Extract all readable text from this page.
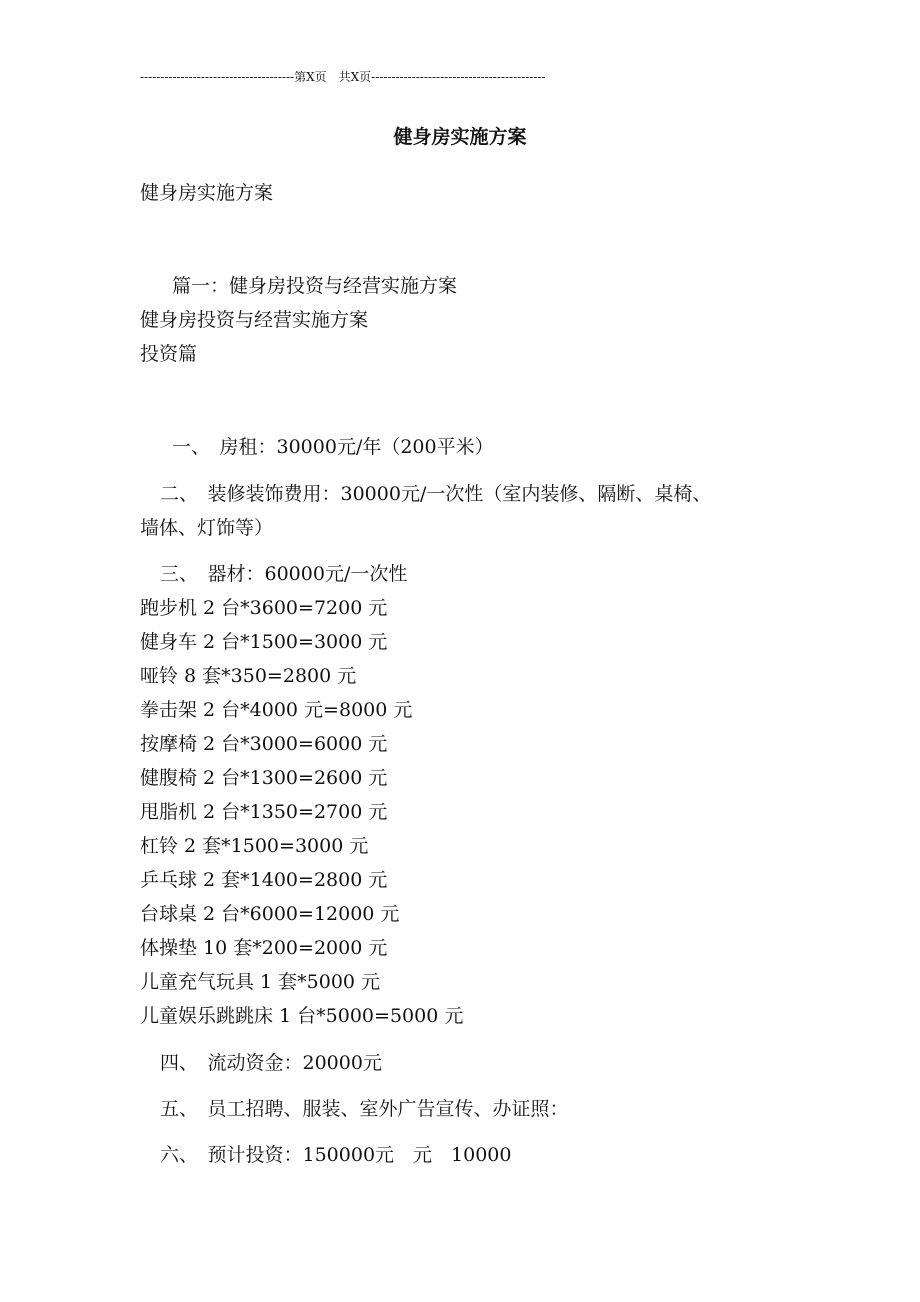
--------------------------------------第X页　共X页-------------------------------------------
健身房实施方案
健身房实施方案
篇一：健身房投资与经营实施方案
健身房投资与经营实施方案
投资篇
一、　房租：30000元/年（200平米）
二、　装修装饰费用：30000元/一次性（室内装修、隔断、桌椅、
墙体、灯饰等）
三、　器材：60000元/一次性
跑步机 2 台*3600=7200 元
健身车 2 台*1500=3000 元
哑铃 8 套*350=2800 元
拳击架 2 台*4000 元=8000 元
按摩椅 2 台*3000=6000 元
健腹椅 2 台*1300=2600 元
甩脂机 2 台*1350=2700 元
杠铃 2 套*1500=3000 元
乒乓球 2 套*1400=2800 元
台球桌 2 台*6000=12000 元
体操垫 10 套*200=2000 元
儿童充气玩具 1 套*5000 元
儿童娱乐跳跳床 1 台*5000=5000 元
四、　流动资金：20000元
五、　员工招聘、服装、室外广告宣传、办证照：
六、　预计投资：150000元　元　10000
